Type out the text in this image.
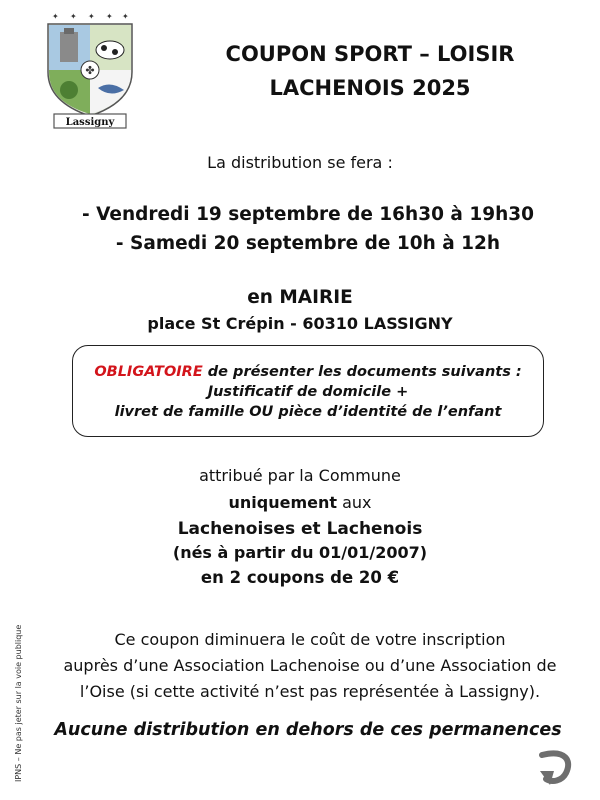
✦ ✦ ✦ ✦ ✦
✤
Lassigny
COUPON SPORT – LOISIR
LACHENOIS 2025
La distribution se fera :
- Vendredi 19 septembre de 16h30 à 19h30
- Samedi 20 septembre de 10h à 12h
en MAIRIE
place St Crépin - 60310 LASSIGNY
OBLIGATOIRE de présenter les documents suivants :
Justificatif de domicile +
livret de famille OU pièce d’identité de l’enfant
attribué par la Commune
uniquement aux
Lachenoises et Lachenois
(nés à partir du 01/01/2007)
en 2 coupons de 20 €
Ce coupon diminuera le coût de votre inscription
auprès d’une Association Lachenoise ou d’une Association de
l’Oise (si cette activité n’est pas représentée à Lassigny).
Aucune distribution en dehors de ces permanences
IPNS – Ne pas jeter sur la voie publique
